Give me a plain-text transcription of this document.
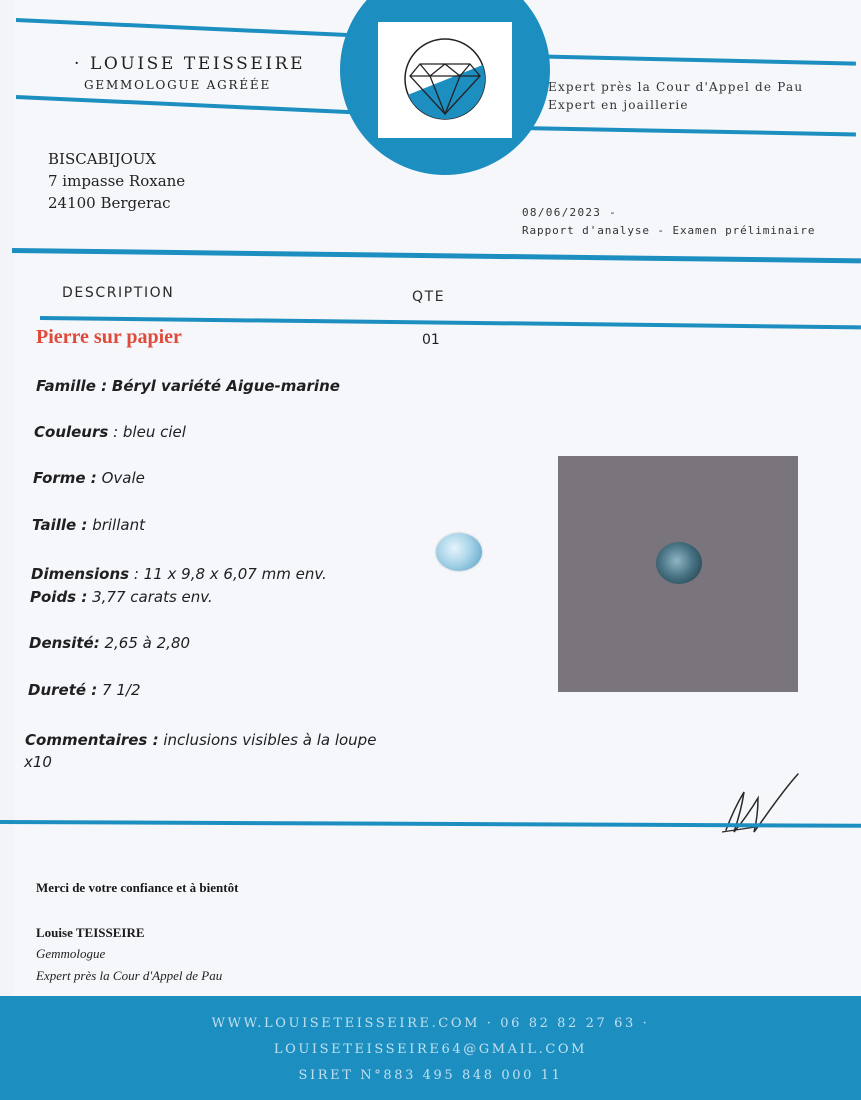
· LOUISE TEISSEIRE
GEMMOLOGUE AGRÉÉE	Expert près la Cour d'Appel de Pau
Expert en joaillerie
BISCABIJOUX
7 impasse Roxane
24100 Bergerac
08/06/2023 -
Rapport d'analyse - Examen préliminaire
DESCRIPTION	QTE
Pierre sur papier	01
Famille : Béryl variété Aigue-marine
Couleurs : bleu ciel
Forme : Ovale
Taille : brillant
Dimensions : 11 x 9,8 x 6,07 mm env.
Poids : 3,77 carats env.
Densité: 2,65 à 2,80
Dureté : 7 1/2
Commentaires : inclusions visibles à la loupe
x10
Merci de votre confiance et à bientôt
Louise TEISSEIRE
Gemmologue
Expert près la Cour d'Appel de Pau
WWW.LOUISETEISSEIRE.COM · 06 82 82 27 63 ·
LOUISETEISSEIRE64@GMAIL.COM
SIRET N°883 495 848 000 11
